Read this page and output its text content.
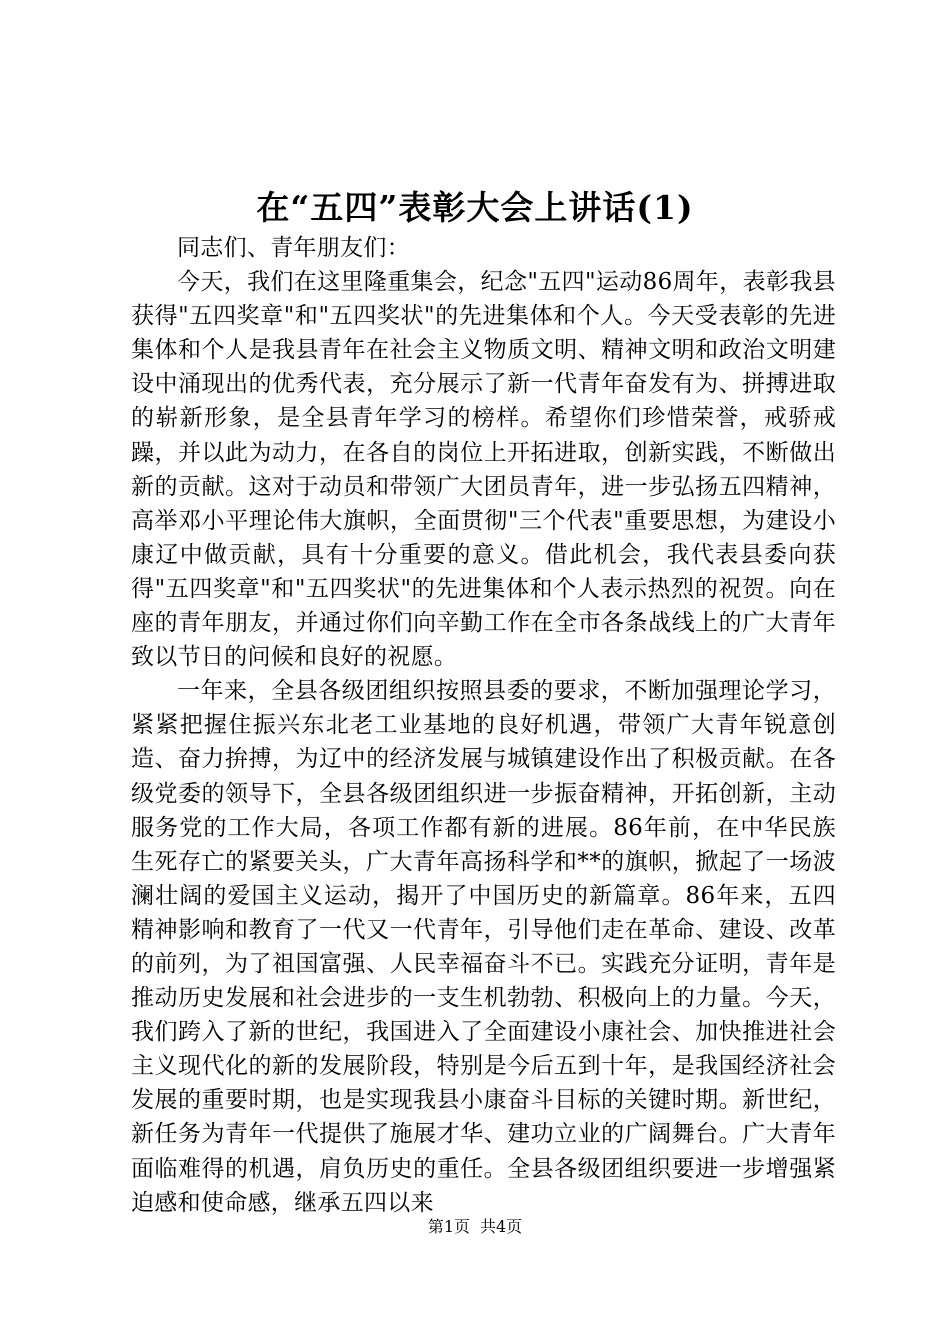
在“五四”表彰大会上讲话(1)

同志们、青年朋友们：

今天，我们在这里隆重集会，纪念"五四"运动86周年，表彰我县获得"五四奖章"和"五四奖状"的先进集体和个人。今天受表彰的先进集体和个人是我县青年在社会主义物质文明、精神文明和政治文明建设中涌现出的优秀代表，充分展示了新一代青年奋发有为、拼搏进取的崭新形象，是全县青年学习的榜样。希望你们珍惜荣誉，戒骄戒躁，并以此为动力，在各自的岗位上开拓进取，创新实践，不断做出新的贡献。这对于动员和带领广大团员青年，进一步弘扬五四精神，高举邓小平理论伟大旗帜，全面贯彻"三个代表"重要思想，为建设小康辽中做贡献，具有十分重要的意义。借此机会，我代表县委向获得"五四奖章"和"五四奖状"的先进集体和个人表示热烈的祝贺。向在座的青年朋友，并通过你们向辛勤工作在全市各条战线上的广大青年致以节日的问候和良好的祝愿。

一年来，全县各级团组织按照县委的要求，不断加强理论学习，紧紧把握住振兴东北老工业基地的良好机遇，带领广大青年锐意创造、奋力拚搏，为辽中的经济发展与城镇建设作出了积极贡献。在各级党委的领导下，全县各级团组织进一步振奋精神，开拓创新，主动服务党的工作大局，各项工作都有新的进展。86年前，在中华民族生死存亡的紧要关头，广大青年高扬科学和**的旗帜，掀起了一场波澜壮阔的爱国主义运动，揭开了中国历史的新篇章。86年来，五四精神影响和教育了一代又一代青年，引导他们走在革命、建设、改革的前列，为了祖国富强、人民幸福奋斗不已。实践充分证明，青年是推动历史发展和社会进步的一支生机勃勃、积极向上的力量。今天，我们跨入了新的世纪，我国进入了全面建设小康社会、加快推进社会主义现代化的新的发展阶段，特别是今后五到十年，是我国经济社会发展的重要时期，也是实现我县小康奋斗目标的关键时期。新世纪，新任务为青年一代提供了施展才华、建功立业的广阔舞台。广大青年面临难得的机遇，肩负历史的重任。全县各级团组织要进一步增强紧迫感和使命感，继承五四以来

第1页 共4页
